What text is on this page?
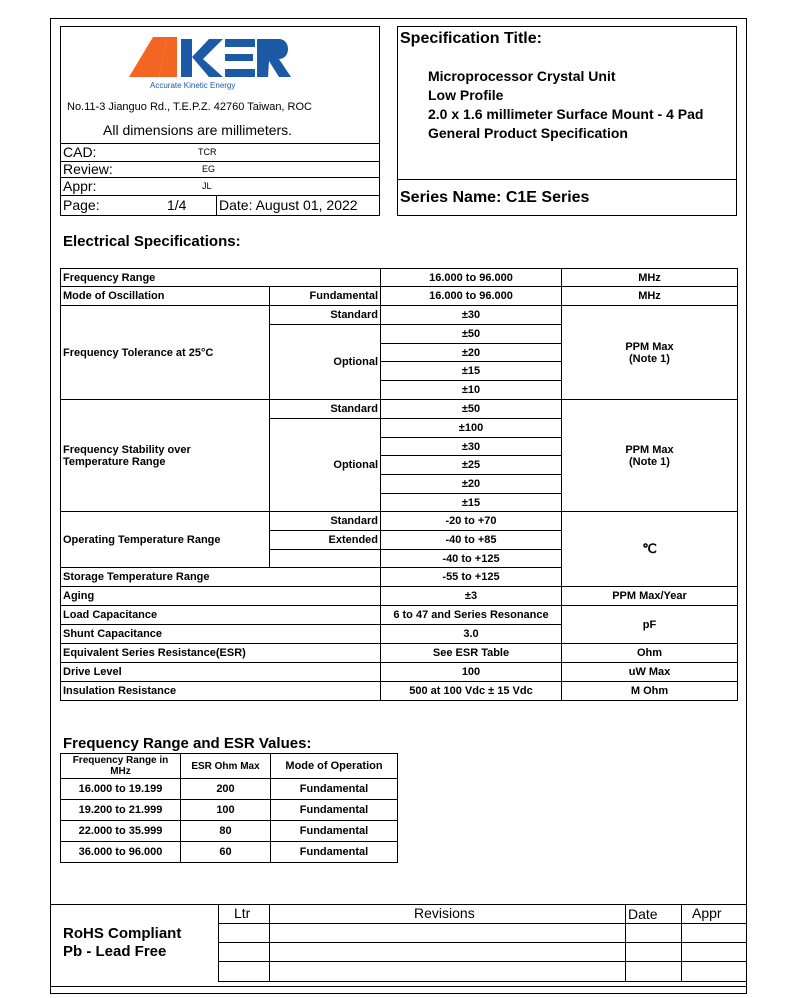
Accurate Kinetic Energy
No.11-3 Jianguo Rd., T.E.P.Z. 42760 Taiwan, ROC
All dimensions are millimeters.
CAD:	TCR
Review:	EG
Appr:	JL
Page:	1/4 Date: August 01, 2022
Specification Title:
Microprocessor Crystal Unit
Low Profile
2.0 x 1.6 millimeter Surface Mount - 4 Pad
General Product Specification
Series Name: C1E Series
Electrical Specifications:
Frequency Range		16.000 to 96.000	MHz
Mode of Oscillation	Fundamental	16.000 to 96.000	MHz
Frequency Tolerance at 25°C	Standard	±30	PPM Max
(Note 1)
	Optional	±50	
		±20	
		±15	
		±10	
Frequency Stability over
Temperature Range	Standard	±50	PPM Max
(Note 1)
	Optional	±100	
		±30	
		±25	
		±20	
		±15	
Operating Temperature Range	Standard	-20 to +70	℃
	Extended	-40 to +85	
		-40 to +125	
Storage Temperature Range		-55 to +125	
Aging		±3	PPM Max/Year
Load Capacitance		6 to 47 and Series Resonance	pF
Shunt Capacitance		3.0	
Equivalent Series Resistance(ESR)		See ESR Table	Ohm
Drive Level		100	uW Max
Insulation Resistance		500 at 100 Vdc ± 15 Vdc	M Ohm
Frequency Range and ESR Values:
Frequency Range in MHz	ESR Ohm Max	Mode of Operation
16.000 to 19.199	200	Fundamental
19.200 to 21.999	100	Fundamental
22.000 to 35.999	80	Fundamental
36.000 to 96.000	60	Fundamental
Ltr	Revisions	Date Appr
RoHS Compliant
Pb - Lead Free
